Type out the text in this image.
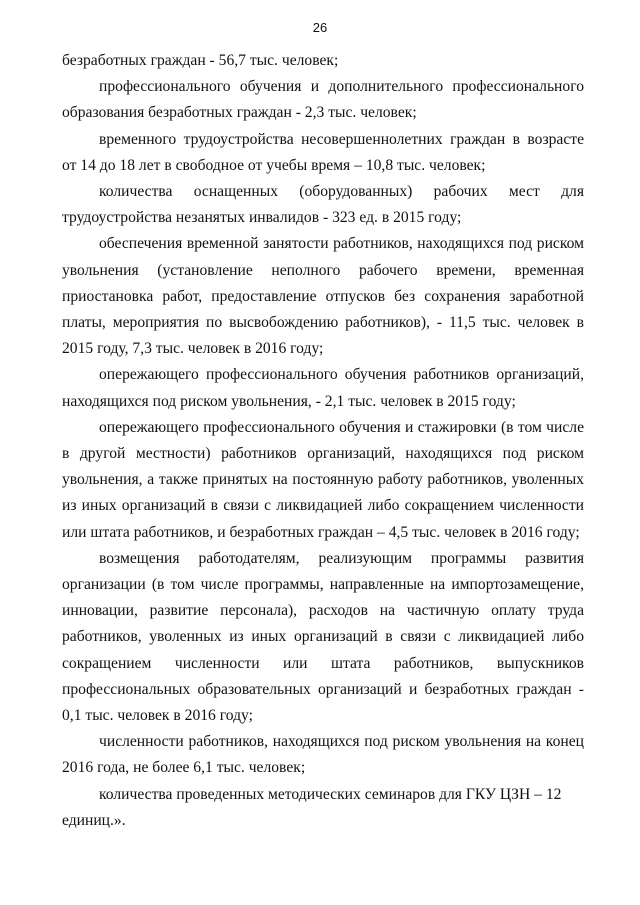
26

безработных граждан - 56,7 тыс. человек;

профессионального обучения и дополнительного профессионального образования безработных граждан - 2,3 тыс. человек;

временного трудоустройства несовершеннолетних граждан в возрасте от 14 до 18 лет в свободное от учебы время – 10,8 тыс. человек;

количества оснащенных (оборудованных) рабочих мест для трудоустройства незанятых инвалидов - 323 ед. в 2015 году;

обеспечения временной занятости работников, находящихся под риском увольнения (установление неполного рабочего времени, временная приостановка работ, предоставление отпусков без сохранения заработной платы, мероприятия по высвобождению работников), - 11,5 тыс. человек в 2015 году, 7,3 тыс. человек в 2016 году;

опережающего профессионального обучения работников организаций, находящихся под риском увольнения, - 2,1 тыс. человек в 2015 году;

опережающего профессионального обучения и стажировки (в том числе в другой местности) работников организаций, находящихся под риском увольнения, а также принятых на постоянную работу работников, уволенных из иных организаций в связи с ликвидацией либо сокращением численности или штата работников, и безработных граждан – 4,5 тыс. человек в 2016 году;

возмещения работодателям, реализующим программы развития организации (в том числе программы, направленные на импортозамещение, инновации, развитие персонала), расходов на частичную оплату труда работников, уволенных из иных организаций в связи с ликвидацией либо сокращением численности или штата работников, выпускников профессиональных образовательных организаций и безработных граждан - 0,1 тыс. человек в 2016 году;

численности работников, находящихся под риском увольнения на конец 2016 года, не более 6,1 тыс. человек;

количества проведенных методических семинаров для ГКУ ЦЗН – 12 единиц.».
